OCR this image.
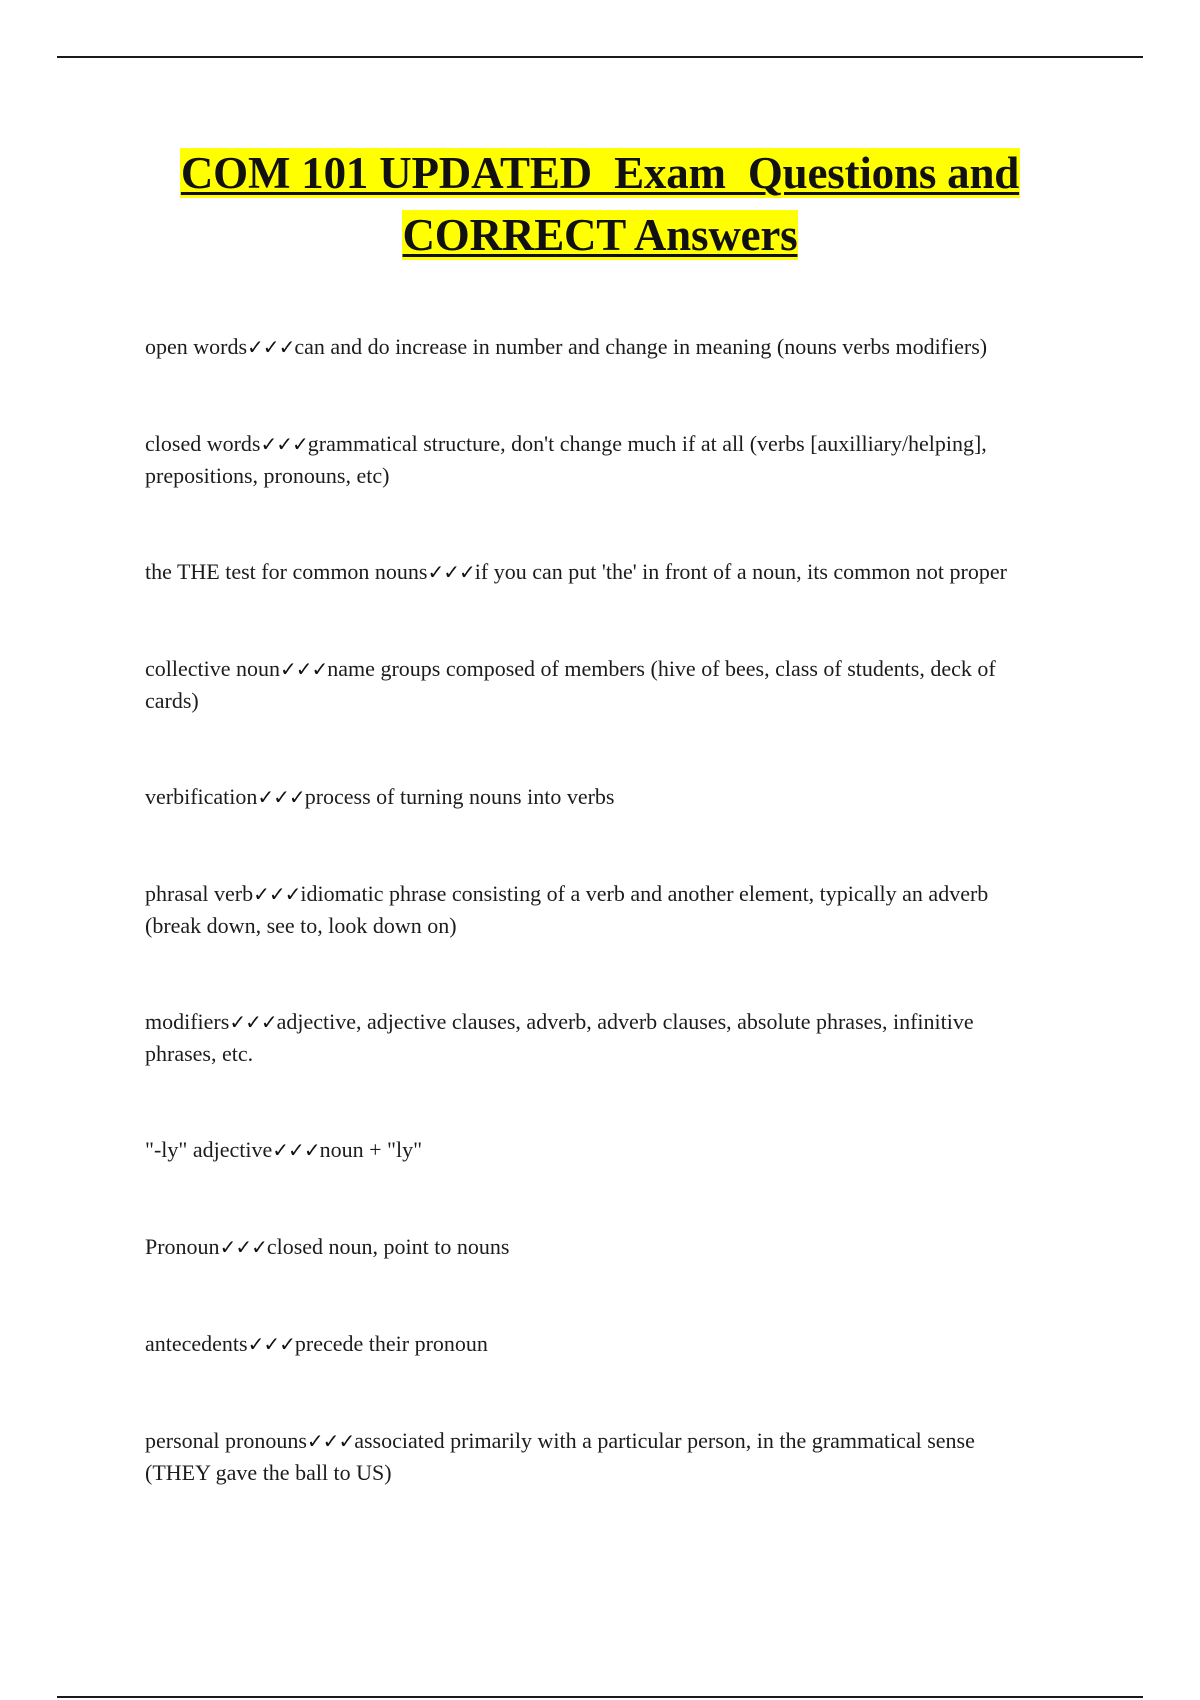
COM 101 UPDATED  Exam  Questions and
CORRECT Answers

open words✓✓✓can and do increase in number and change in meaning (nouns verbs modifiers)

closed words✓✓✓grammatical structure, don't change much if at all (verbs [auxilliary/helping], prepositions, pronouns, etc)

the THE test for common nouns✓✓✓if you can put 'the' in front of a noun, its common not proper

collective noun✓✓✓name groups composed of members (hive of bees, class of students, deck of cards)

verbification✓✓✓process of turning nouns into verbs

phrasal verb✓✓✓idiomatic phrase consisting of a verb and another element, typically an adverb (break down, see to, look down on)

modifiers✓✓✓adjective, adjective clauses, adverb, adverb clauses, absolute phrases, infinitive phrases, etc.

"-ly" adjective✓✓✓noun + "ly"

Pronoun✓✓✓closed noun, point to nouns

antecedents✓✓✓precede their pronoun

personal pronouns✓✓✓associated primarily with a particular person, in the grammatical sense (THEY gave the ball to US)
